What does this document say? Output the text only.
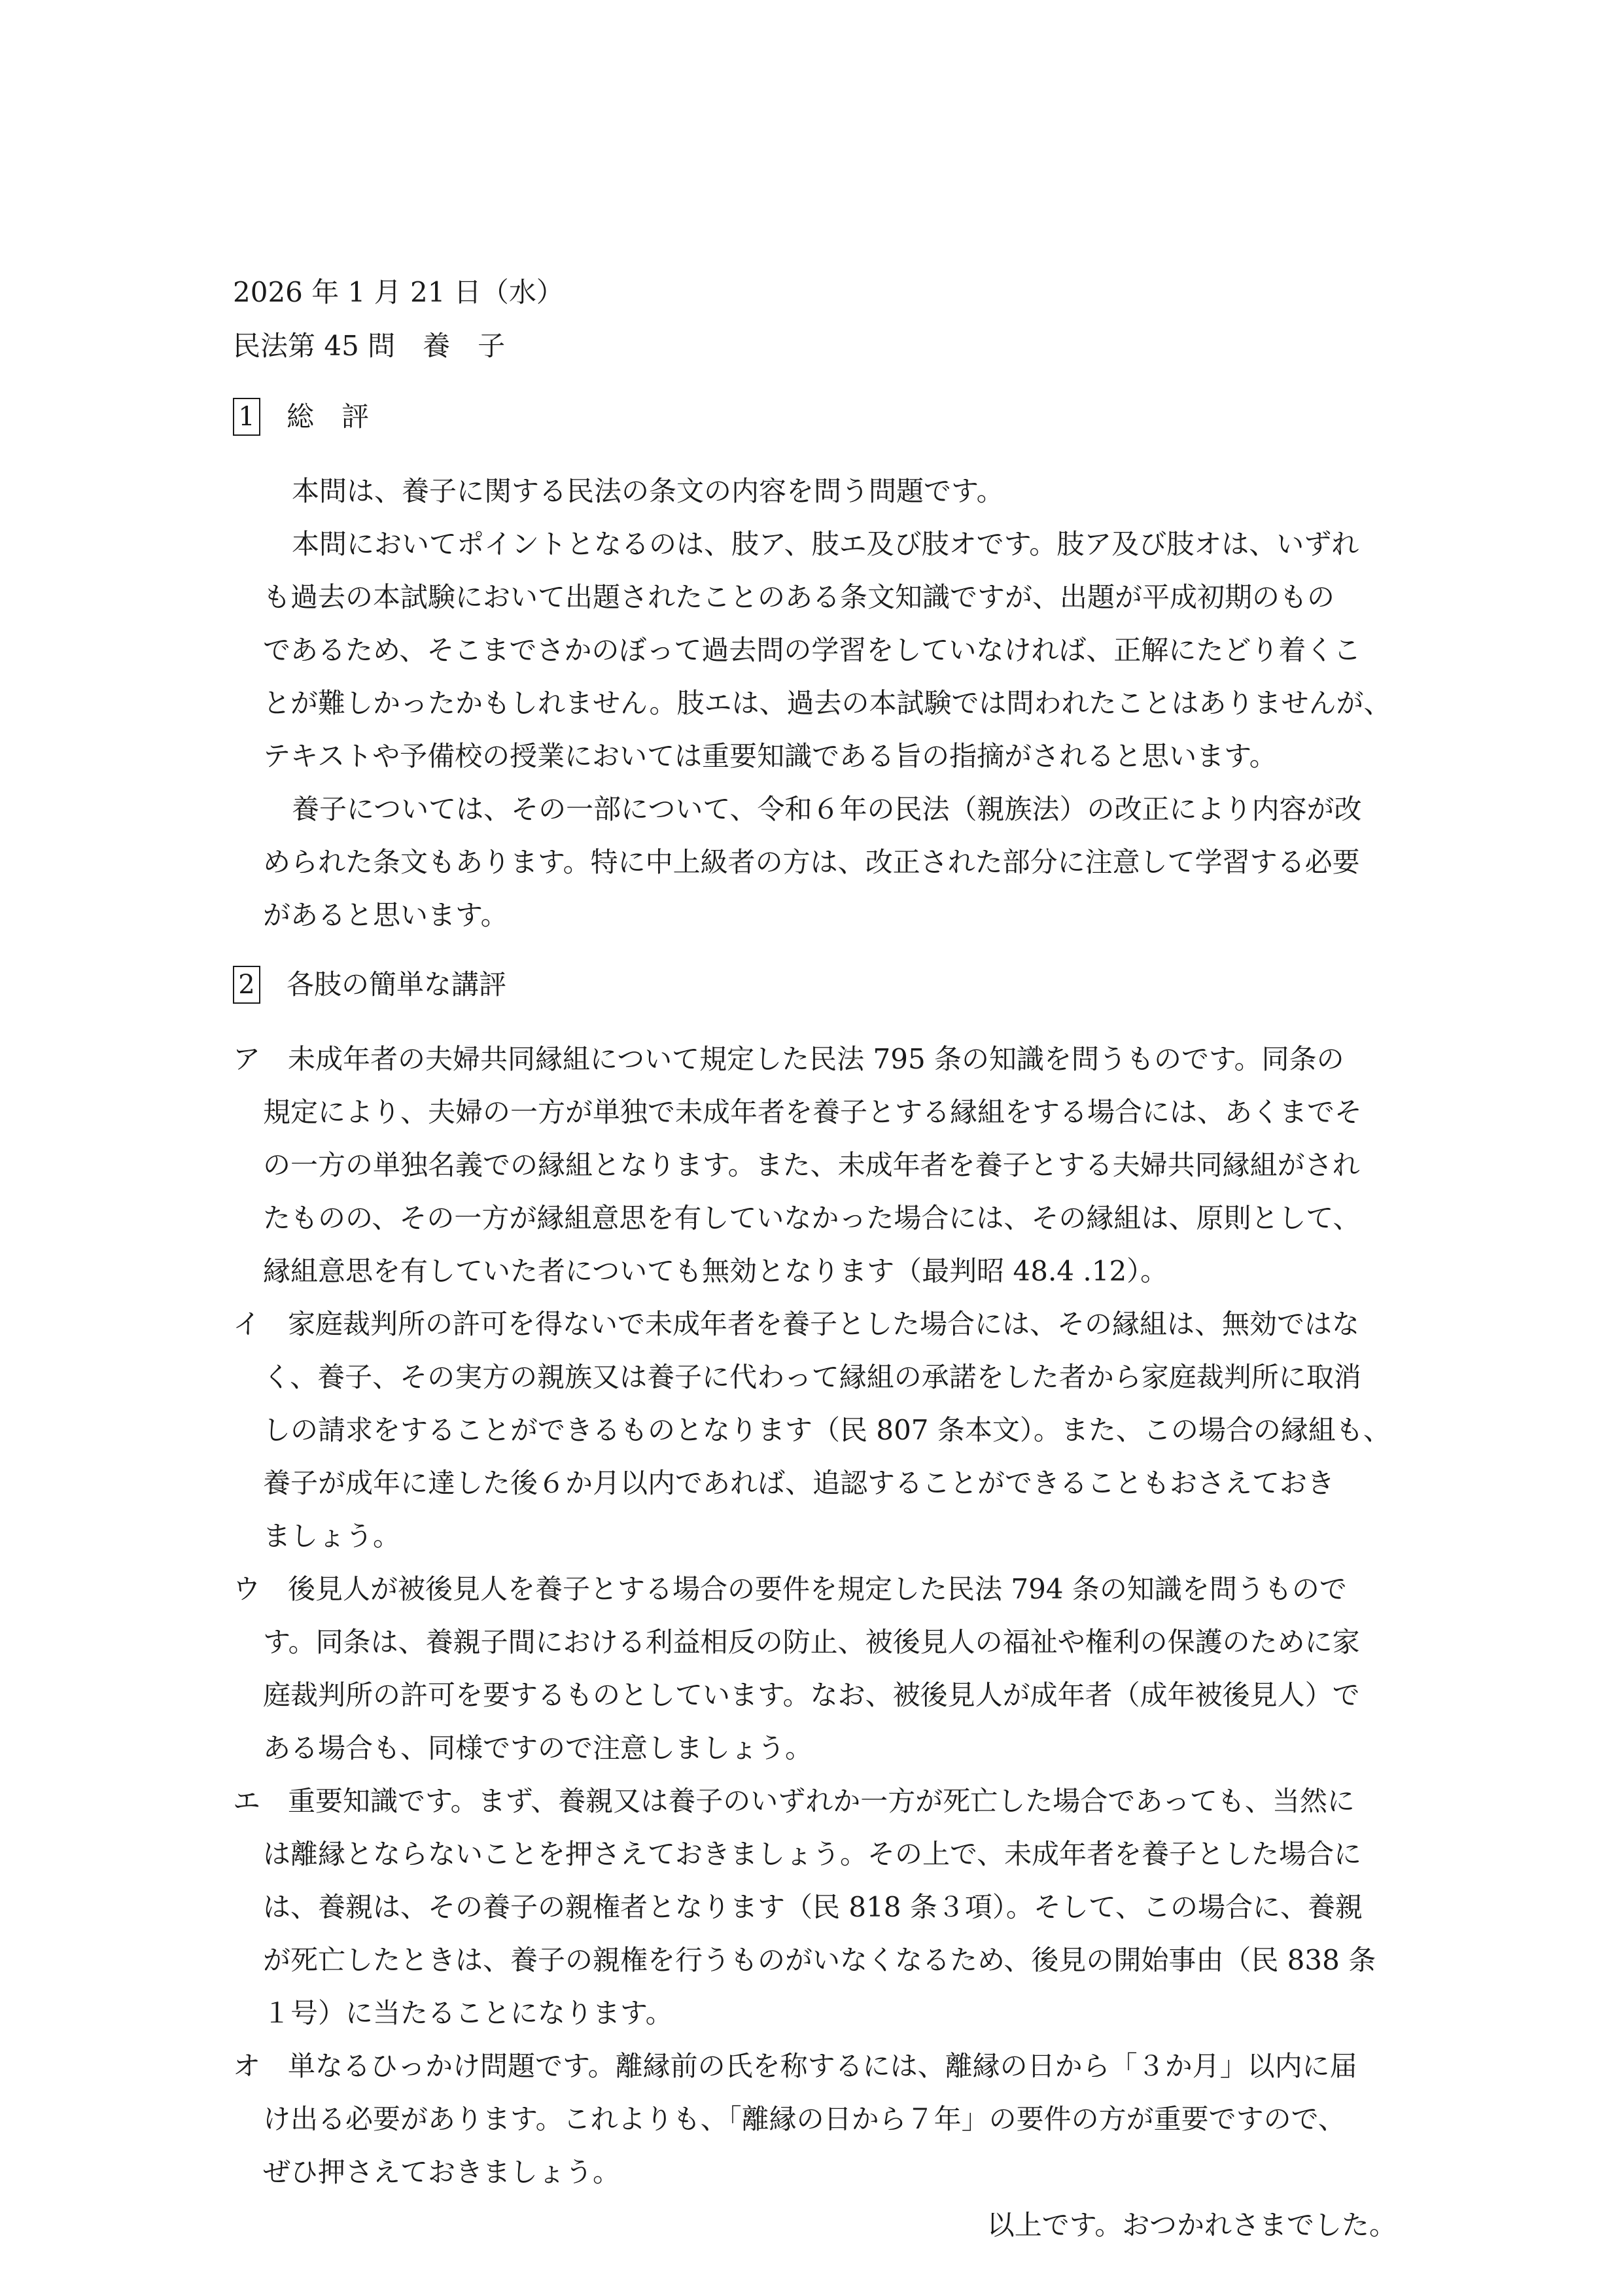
2026 年 1 月 21 日（水）
民法第 45 問　養　子
1 総　評
本問は、養子に関する民法の条文の内容を問う問題です。
本問においてポイントとなるのは、肢ア、肢エ及び肢オです。肢ア及び肢オは、いずれ
も過去の本試験において出題されたことのある条文知識ですが、出題が平成初期のもの
であるため、そこまでさかのぼって過去問の学習をしていなければ、正解にたどり着くこ
とが難しかったかもしれません。肢エは、過去の本試験では問われたことはありませんが、
テキストや予備校の授業においては重要知識である旨の指摘がされると思います。
養子については、その一部について、令和６年の民法（親族法）の改正により内容が改
められた条文もあります。特に中上級者の方は、改正された部分に注意して学習する必要
があると思います。
2 各肢の簡単な講評
ア　未成年者の夫婦共同縁組について規定した民法 795 条の知識を問うものです。同条の
規定により、夫婦の一方が単独で未成年者を養子とする縁組をする場合には、あくまでそ
の一方の単独名義での縁組となります。また、未成年者を養子とする夫婦共同縁組がされ
たものの、その一方が縁組意思を有していなかった場合には、その縁組は、原則として、
縁組意思を有していた者についても無効となります（最判昭 48.4 .12）。
イ　家庭裁判所の許可を得ないで未成年者を養子とした場合には、その縁組は、無効ではな
く、養子、その実方の親族又は養子に代わって縁組の承諾をした者から家庭裁判所に取消
しの請求をすることができるものとなります（民 807 条本文）。また、この場合の縁組も、
養子が成年に達した後６か月以内であれば、追認することができることもおさえておき
ましょう。
ウ　後見人が被後見人を養子とする場合の要件を規定した民法 794 条の知識を問うもので
す。同条は、養親子間における利益相反の防止、被後見人の福祉や権利の保護のために家
庭裁判所の許可を要するものとしています。なお、被後見人が成年者（成年被後見人）で
ある場合も、同様ですので注意しましょう。
エ　重要知識です。まず、養親又は養子のいずれか一方が死亡した場合であっても、当然に
は離縁とならないことを押さえておきましょう。その上で、未成年者を養子とした場合に
は、養親は、その養子の親権者となります（民 818 条３項）。そして、この場合に、養親
が死亡したときは、養子の親権を行うものがいなくなるため、後見の開始事由（民 838 条
１号）に当たることになります。
オ　単なるひっかけ問題です。離縁前の氏を称するには、離縁の日から「３か月」以内に届
け出る必要があります。これよりも、「離縁の日から７年」の要件の方が重要ですので、
ぜひ押さえておきましょう。
以上です。おつかれさまでした。
